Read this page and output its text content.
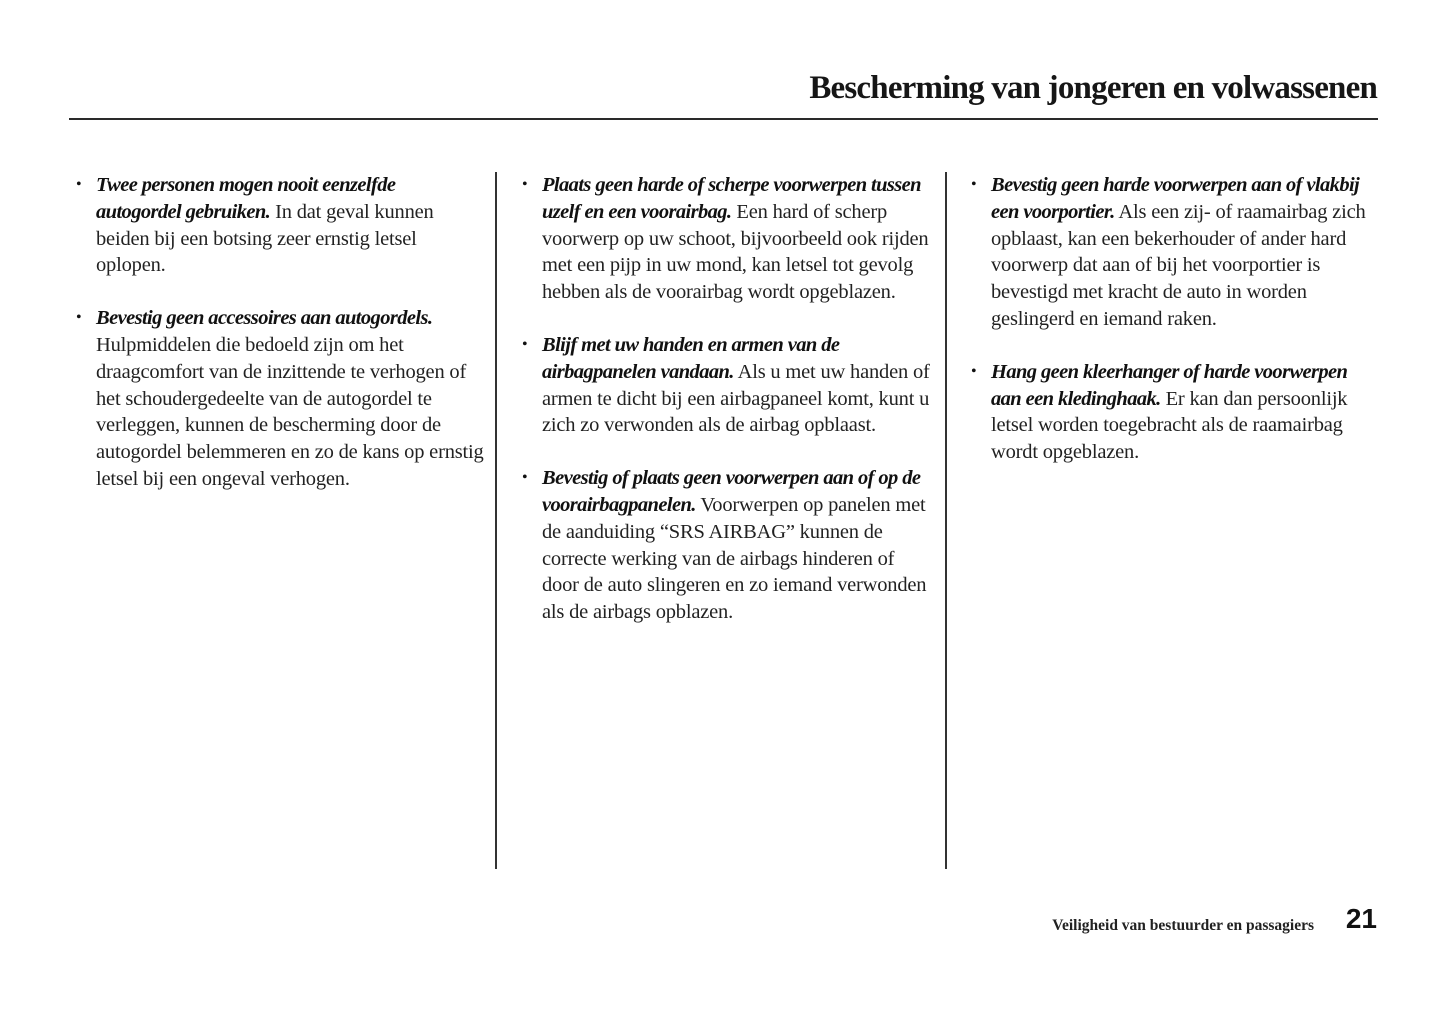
Bescherming van jongeren en volwassenen
• Twee personen mogen nooit eenzelfde autogordel gebruiken. In dat geval kunnen beiden bij een botsing zeer ernstig letsel oplopen.
• Bevestig geen accessoires aan autogordels. Hulpmiddelen die bedoeld zijn om het draagcomfort van de inzittende te verhogen of het schoudergedeelte van de autogordel te verleggen, kunnen de bescherming door de autogordel belemmeren en zo de kans op ernstig letsel bij een ongeval verhogen.
• Plaats geen harde of scherpe voorwerpen tussen uzelf en een voorairbag. Een hard of scherp voorwerp op uw schoot, bijvoorbeeld ook rijden met een pijp in uw mond, kan letsel tot gevolg hebben als de voorairbag wordt opgeblazen.
• Blijf met uw handen en armen van de airbagpanelen vandaan. Als u met uw handen of armen te dicht bij een airbagpaneel komt, kunt u zich zo verwonden als de airbag opblaast.
• Bevestig of plaats geen voorwerpen aan of op de voorairbagpanelen. Voorwerpen op panelen met de aanduiding “SRS AIRBAG” kunnen de correcte werking van de airbags hinderen of door de auto slingeren en zo iemand verwonden als de airbags opblazen.
• Bevestig geen harde voorwerpen aan of vlakbij een voorportier. Als een zij- of raamairbag zich opblaast, kan een bekerhouder of ander hard voorwerp dat aan of bij het voorportier is bevestigd met kracht de auto in worden geslingerd en iemand raken.
• Hang geen kleerhanger of harde voorwerpen aan een kledinghaak. Er kan dan persoonlijk letsel worden toegebracht als de raamairbag wordt opgeblazen.
Veiligheid van bestuurder en passagiers 21
